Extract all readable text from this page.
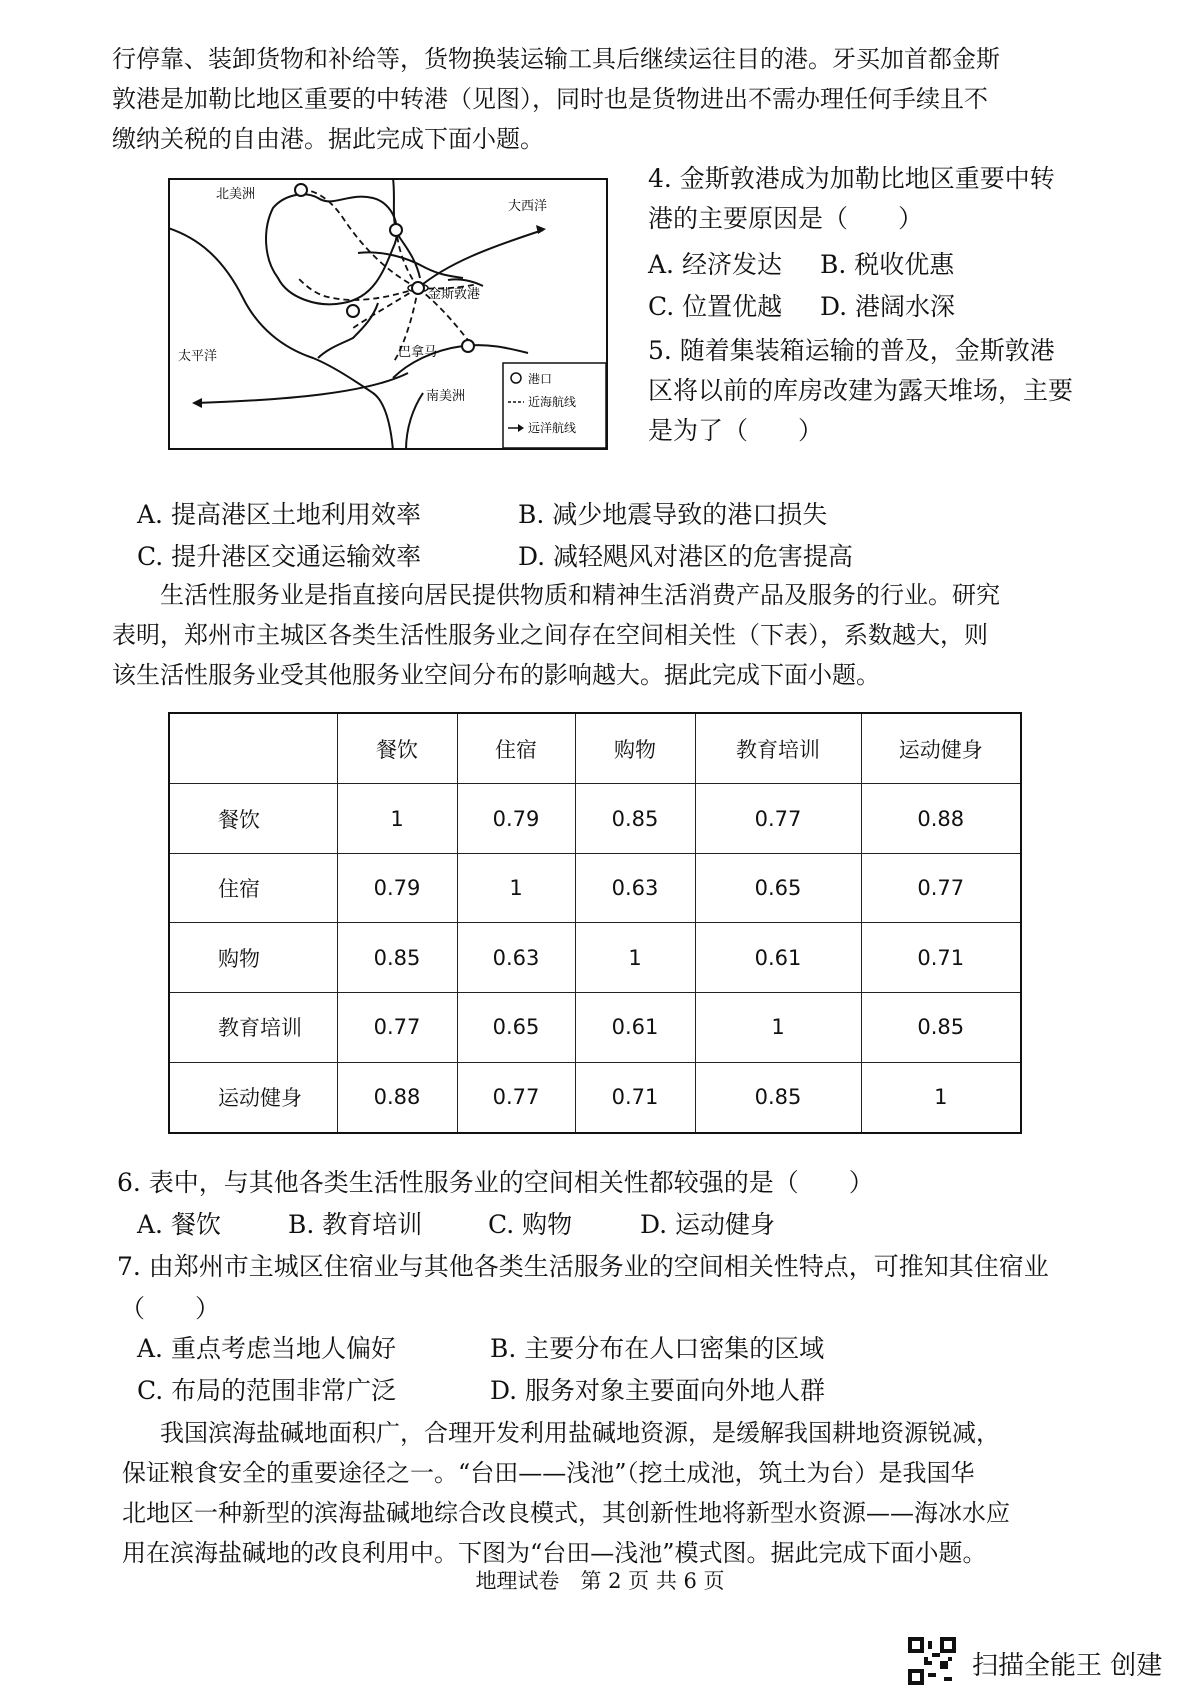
行停靠、装卸货物和补给等，货物换装运输工具后继续运往目的港。牙买加首都金斯
敦港是加勒比地区重要的中转港（见图），同时也是货物进出不需办理任何手续且不
缴纳关税的自由港。据此完成下面小题。
北美洲
大西洋
太平洋
金斯敦港
巴拿马
南美洲
港口
近海航线
远洋航线
4. 金斯敦港成为加勒比地区重要中转
港的主要原因是（　　）
A. 经济发达 B. 税收优惠
C. 位置优越 D. 港阔水深
5. 随着集装箱运输的普及，金斯敦港
区将以前的库房改建为露天堆场，主要
是为了（　　）
A. 提高港区土地利用效率	B. 减少地震导致的港口损失
C. 提升港区交通运输效率	D. 减轻飓风对港区的危害提高
生活性服务业是指直接向居民提供物质和精神生活消费产品及服务的行业。研究
表明，郑州市主城区各类生活性服务业之间存在空间相关性（下表），系数越大，则
该生活性服务业受其他服务业空间分布的影响越大。据此完成下面小题。
	餐饮	住宿	购物	教育培训	运动健身
餐饮	1	0.79	0.85	0.77	0.88
住宿	0.79	1	0.63	0.65	0.77
购物	0.85	0.63	1	0.61	0.71
教育培训	0.77	0.65	0.61	1	0.85
运动健身	0.88	0.77	0.71	0.85	1
6. 表中，与其他各类生活性服务业的空间相关性都较强的是（　　）
A. 餐饮	B. 教育培训	C. 购物	D. 运动健身
7. 由郑州市主城区住宿业与其他各类生活服务业的空间相关性特点，可推知其住宿业
（　　）
A. 重点考虑当地人偏好	B. 主要分布在人口密集的区域
C. 布局的范围非常广泛	D. 服务对象主要面向外地人群
我国滨海盐碱地面积广，合理开发利用盐碱地资源，是缓解我国耕地资源锐减，
保证粮食安全的重要途径之一。“台田——浅池”（挖土成池，筑土为台）是我国华
北地区一种新型的滨海盐碱地综合改良模式，其创新性地将新型水资源——海冰水应
用在滨海盐碱地的改良利用中。下图为“台田—浅池”模式图。据此完成下面小题。
地理试卷　第 2 页 共 6 页
扫描全能王 创建
